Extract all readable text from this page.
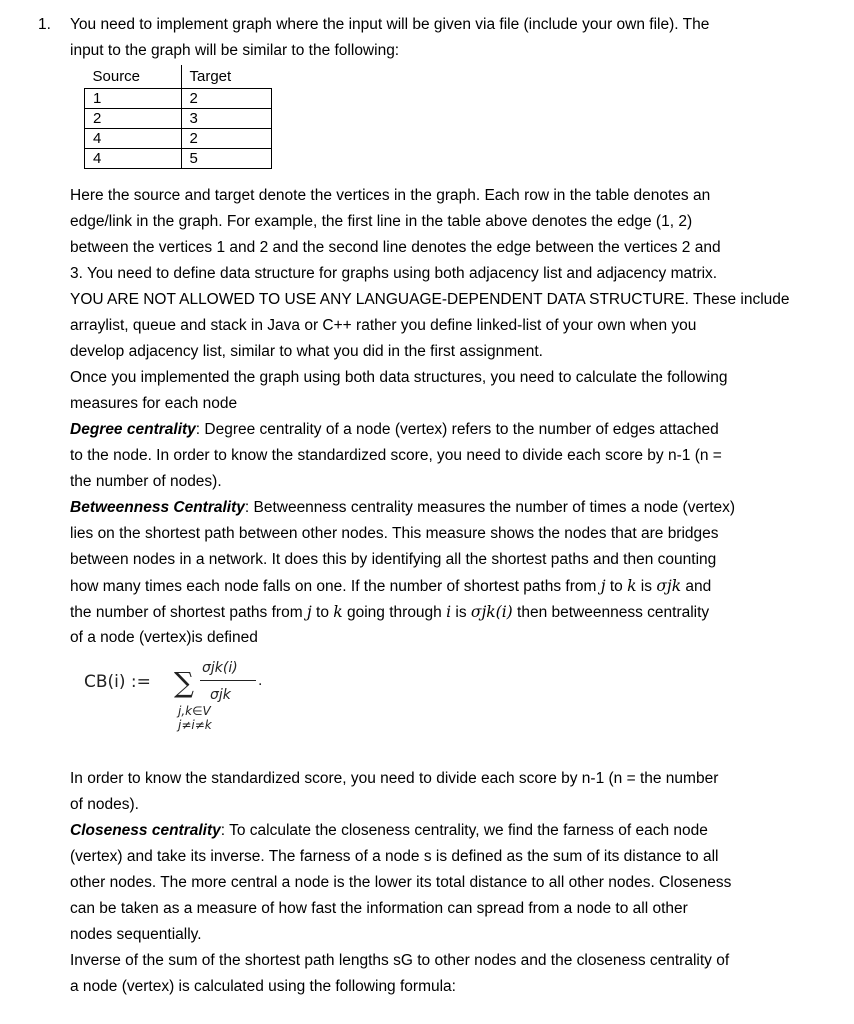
1. You need to implement graph where the input will be given via file (include your own file). The
input to the graph will be similar to the following:
Source	Target
1	2
2	3
4	2
4	5
Here the source and target denote the vertices in the graph. Each row in the table denotes an
edge/link in the graph. For example, the first line in the table above denotes the edge (1, 2)
between the vertices 1 and 2 and the second line denotes the edge between the vertices 2 and
3. You need to define data structure for graphs using both adjacency list and adjacency matrix.
YOU ARE NOT ALLOWED TO USE ANY LANGUAGE-DEPENDENT DATA STRUCTURE. These include
arraylist, queue and stack in Java or C++ rather you define linked-list of your own when you
develop adjacency list, similar to what you did in the first assignment.
Once you implemented the graph using both data structures, you need to calculate the following
measures for each node
Degree centrality: Degree centrality of a node (vertex) refers to the number of edges attached
to the node. In order to know the standardized score, you need to divide each score by n-1 (n =
the number of nodes).
Betweenness Centrality: Betweenness centrality measures the number of times a node (vertex)
lies on the shortest path between other nodes. This measure shows the nodes that are bridges
between nodes in a network. It does this by identifying all the shortest paths and then counting
how many times each node falls on one. If the number of shortest paths from j to k is σjk and
the number of shortest paths from j to k going through i is σjk(i) then betweenness centrality
of a node (vertex)is defined
CB(i) := ∑ σjk(i)
σjk
.
j,k∈V
j≠i≠k
In order to know the standardized score, you need to divide each score by n-1 (n = the number
of nodes).
Closeness centrality: To calculate the closeness centrality, we find the farness of each node
(vertex) and take its inverse. The farness of a node s is defined as the sum of its distance to all
other nodes. The more central a node is the lower its total distance to all other nodes. Closeness
can be taken as a measure of how fast the information can spread from a node to all other
nodes sequentially.
Inverse of the sum of the shortest path lengths sG to other nodes and the closeness centrality of
a node (vertex) is calculated using the following formula:
